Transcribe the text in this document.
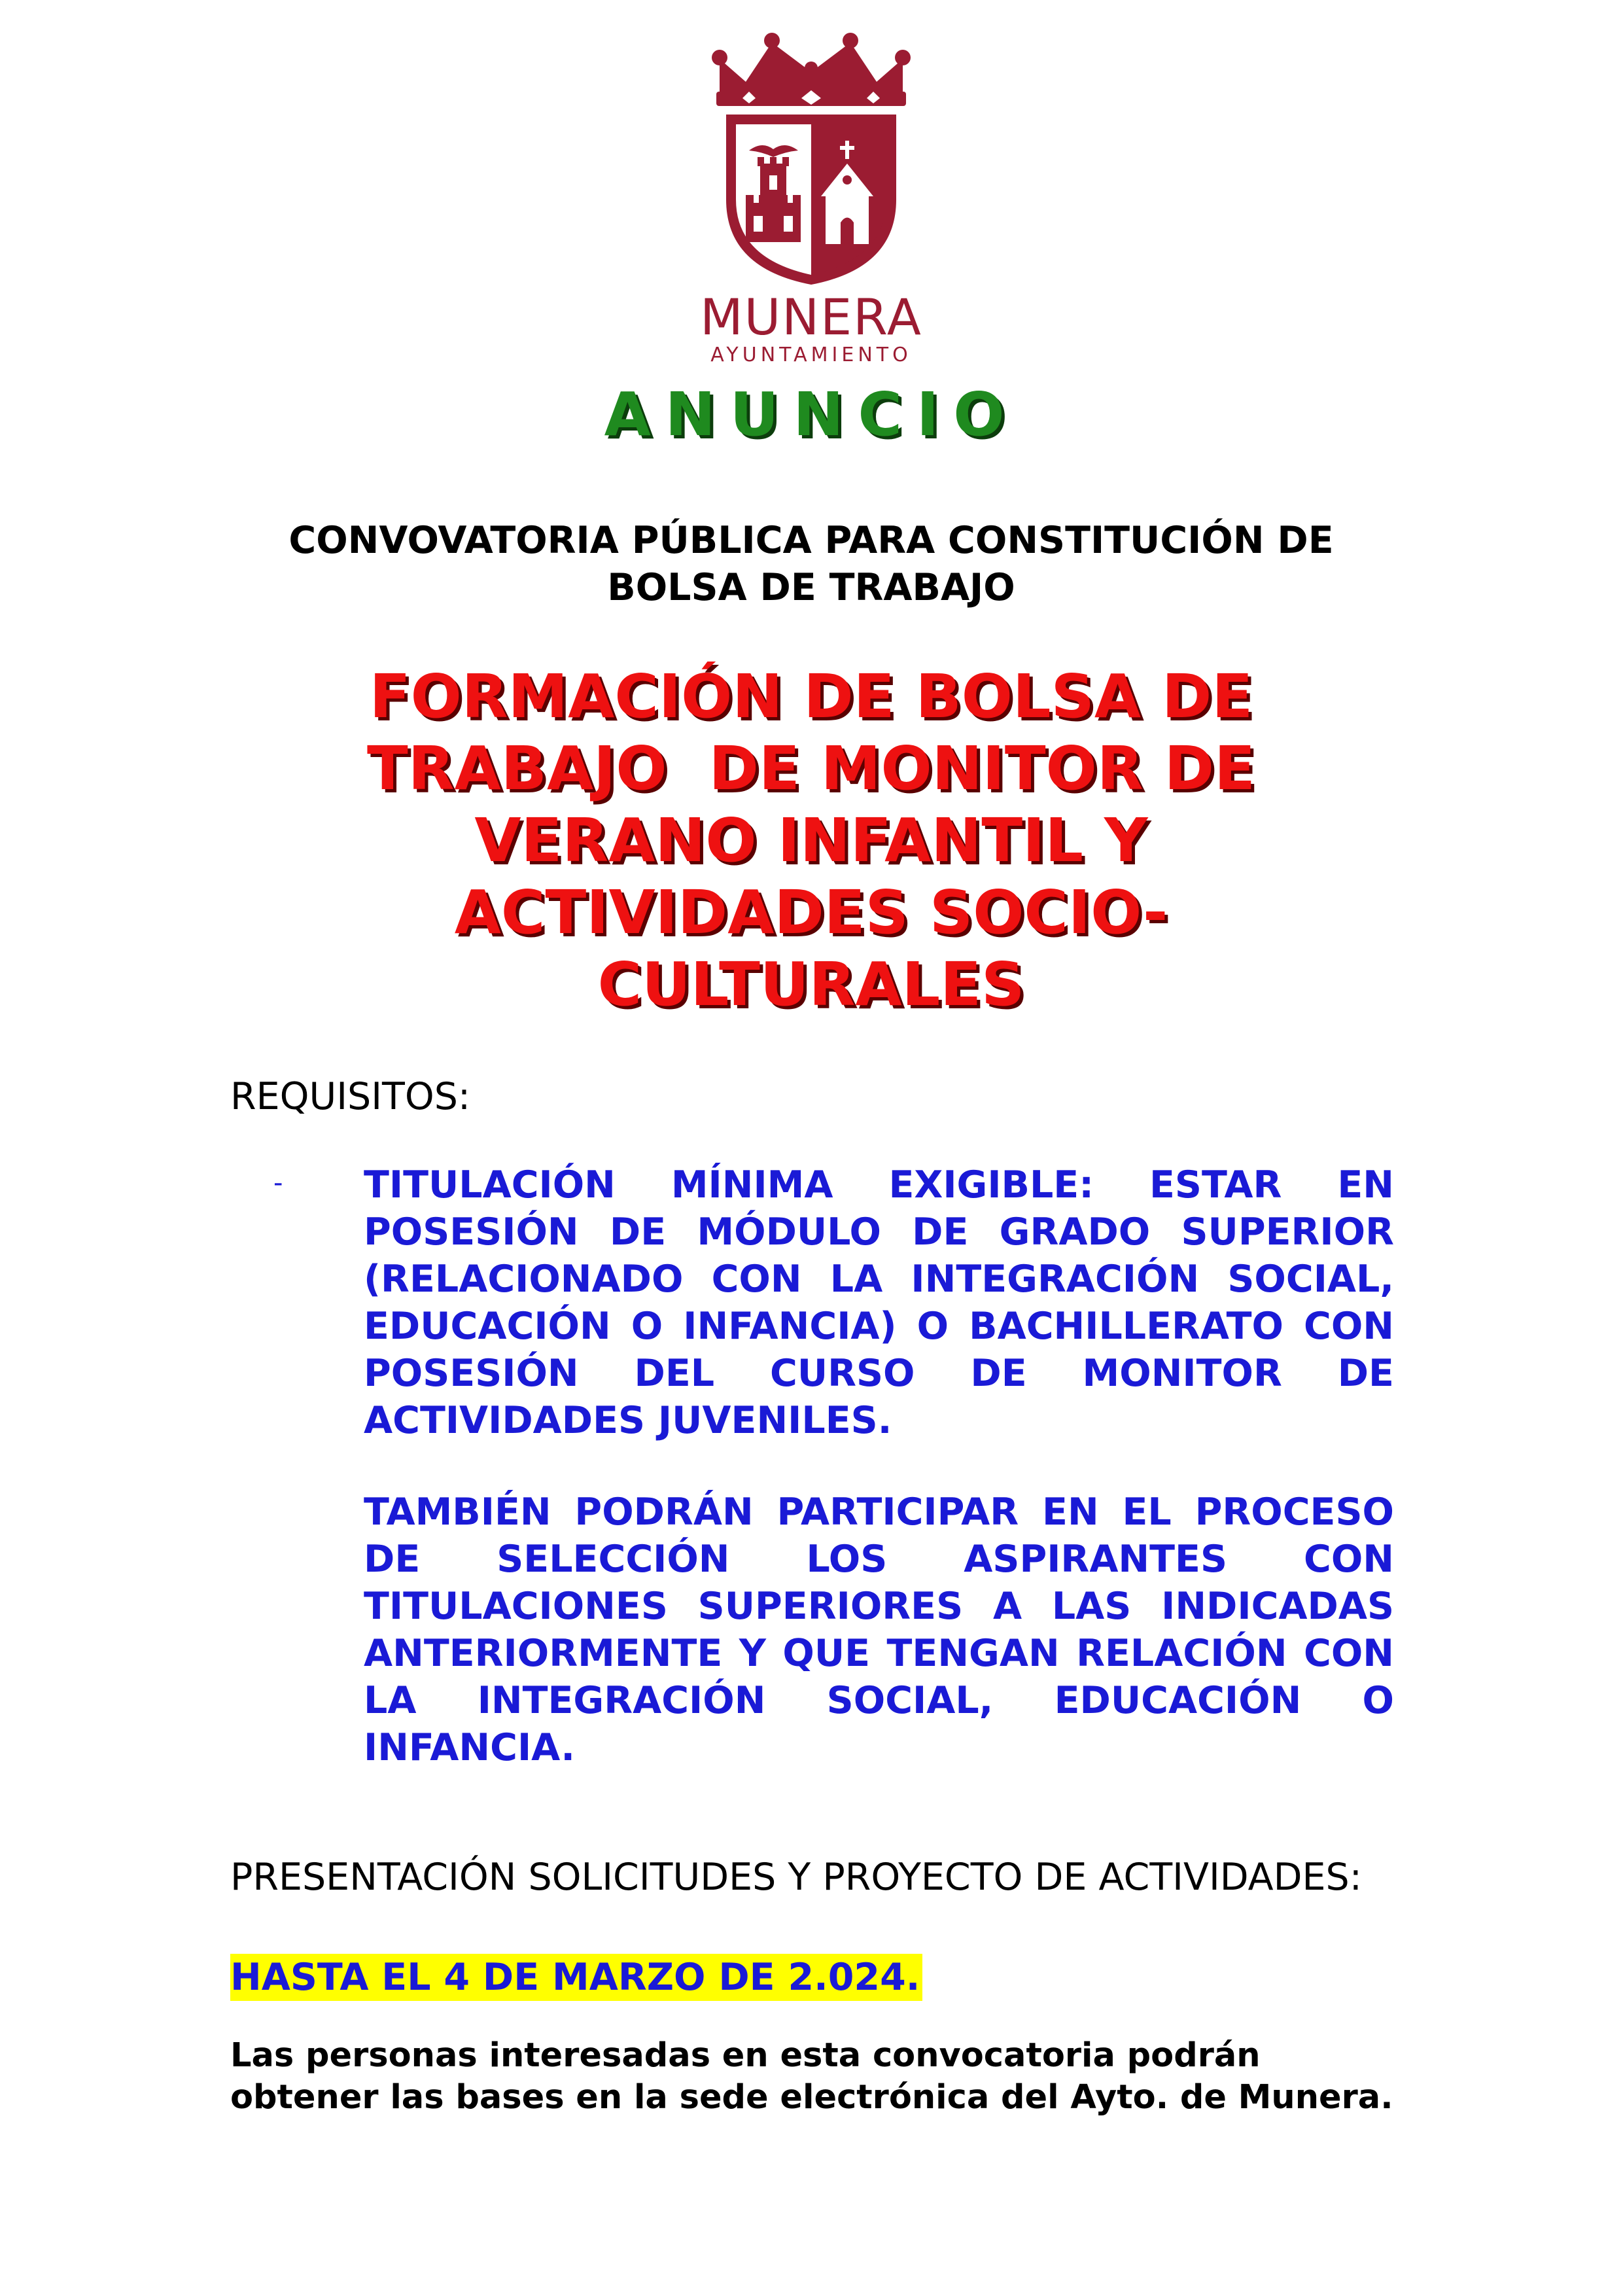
MUNERA
AYUNTAMIENTO
ANUNCIO
CONVOVATORIA PÚBLICA PARA CONSTITUCIÓN DE
BOLSA DE TRABAJO
FORMACIÓN DE BOLSA DE
TRABAJO  DE MONITOR DE
VERANO INFANTIL Y
ACTIVIDADES SOCIO-
CULTURALES
REQUISITOS:
- TITULACIÓN MÍNIMA EXIGIBLE: ESTAR EN POSESIÓN DE MÓDULO DE GRADO SUPERIOR (RELACIONADO CON LA INTEGRACIÓN SOCIAL, EDUCACIÓN O INFANCIA) O BACHILLERATO CON POSESIÓN DEL CURSO DE MONITOR DE ACTIVIDADES JUVENILES.

TAMBIÉN PODRÁN PARTICIPAR EN EL PROCESO DE SELECCIÓN LOS ASPIRANTES CON TITULACIONES SUPERIORES A LAS INDICADAS ANTERIORMENTE Y QUE TENGAN RELACIÓN CON LA INTEGRACIÓN SOCIAL, EDUCACIÓN O INFANCIA.

PRESENTACIÓN SOLICITUDES Y PROYECTO DE ACTIVIDADES:

HASTA EL 4 DE MARZO DE 2.024.

Las personas interesadas en esta convocatoria podrán obtener las bases en la sede electrónica del Ayto. de Munera.
